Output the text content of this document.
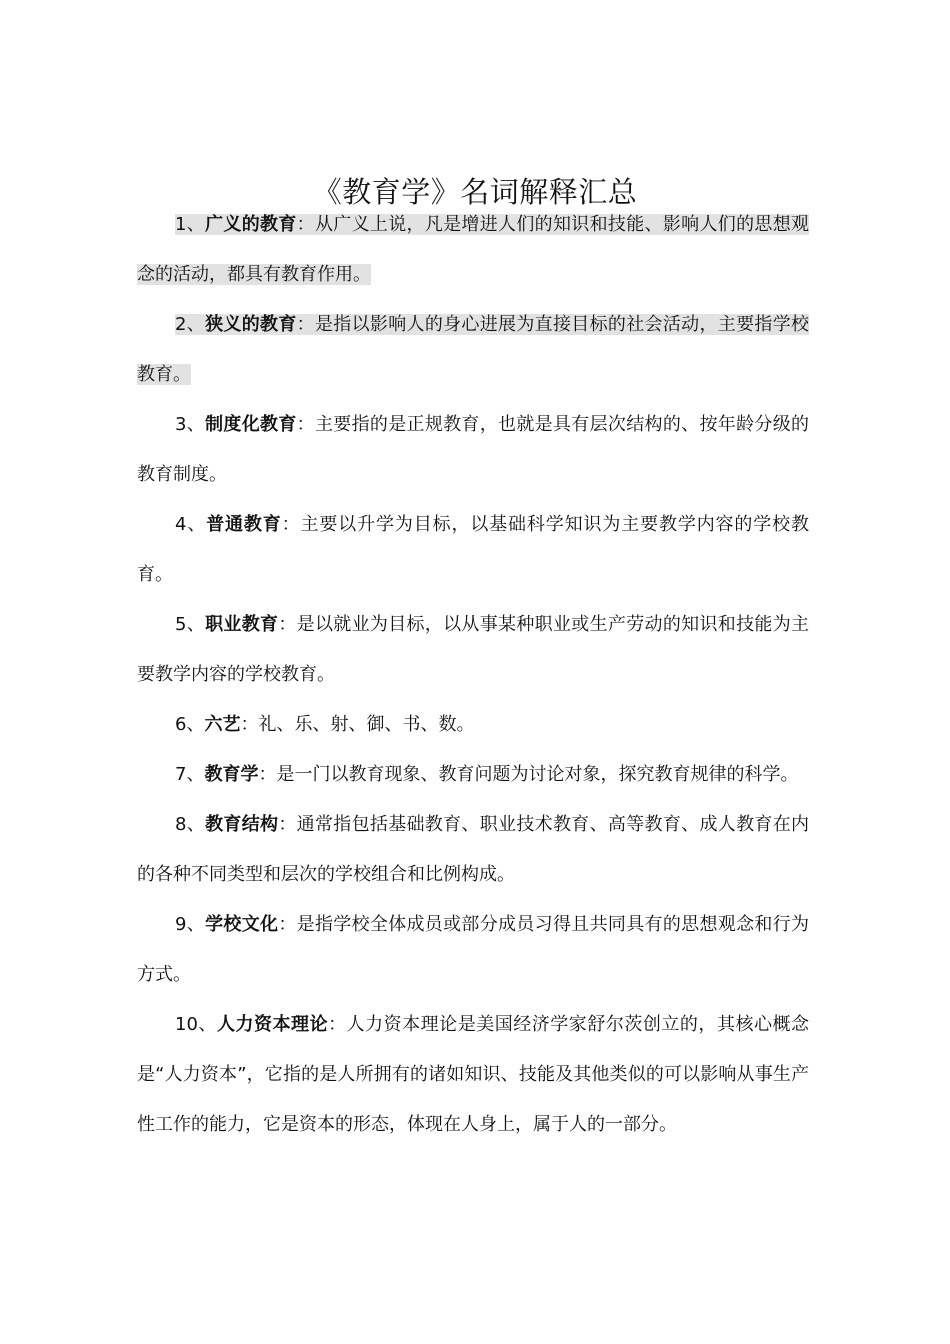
《教育学》名词解释汇总

1、广义的教育：从广义上说，凡是增进人们的知识和技能、影响人们的思想观念的活动，都具有教育作用。

2、狭义的教育：是指以影响人的身心进展为直接目标的社会活动，主要指学校教育。

3、制度化教育：主要指的是正规教育，也就是具有层次结构的、按年龄分级的教育制度。

4、普通教育：主要以升学为目标，以基础科学知识为主要教学内容的学校教育。

5、职业教育：是以就业为目标，以从事某种职业或生产劳动的知识和技能为主要教学内容的学校教育。

6、六艺：礼、乐、射、御、书、数。

7、教育学：是一门以教育现象、教育问题为讨论对象，探究教育规律的科学。

8、教育结构：通常指包括基础教育、职业技术教育、高等教育、成人教育在内的各种不同类型和层次的学校组合和比例构成。

9、学校文化：是指学校全体成员或部分成员习得且共同具有的思想观念和行为方式。

10、人力资本理论：人力资本理论是美国经济学家舒尔茨创立的，其核心概念是“人力资本”，它指的是人所拥有的诸如知识、技能及其他类似的可以影响从事生产性工作的能力，它是资本的形态，体现在人身上，属于人的一部分。
